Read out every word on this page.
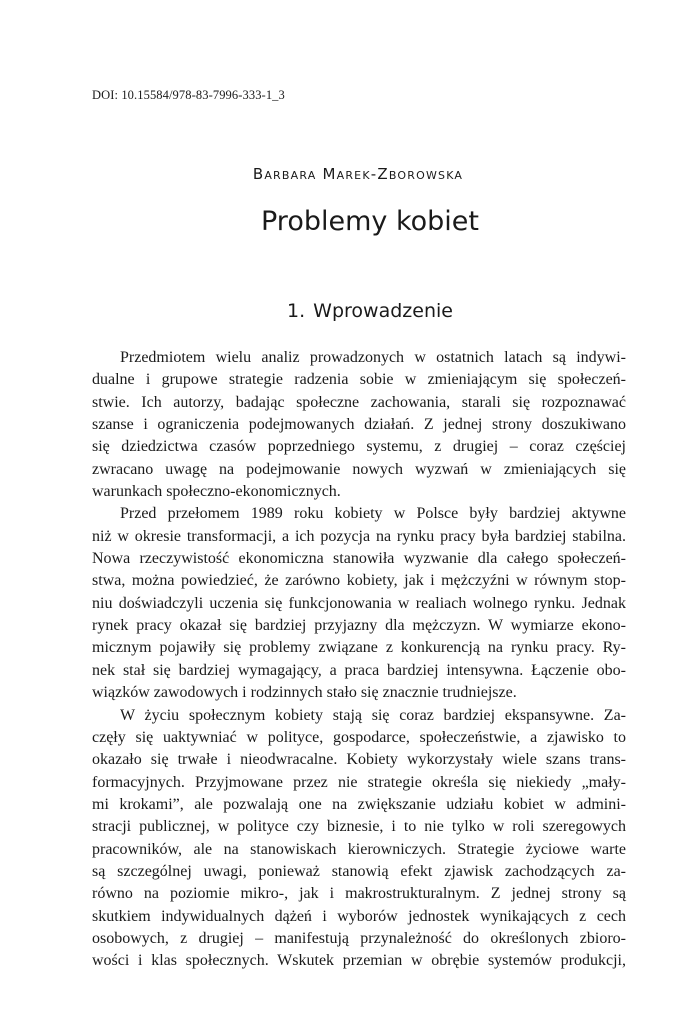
DOI: 10.15584/978-83-7996-333-1_3
Barbara Marek-Zborowska
Problemy kobiet
1. Wprowadzenie
Przedmiotem wielu analiz prowadzonych w ostatnich latach są indywi-
dualne i grupowe strategie radzenia sobie w zmieniającym się społeczeń-
stwie. Ich autorzy, badając społeczne zachowania, starali się rozpoznawać
szanse i ograniczenia podejmowanych działań. Z jednej strony doszukiwano
się dziedzictwa czasów poprzedniego systemu, z drugiej – coraz częściej
zwracano uwagę na podejmowanie nowych wyzwań w zmieniających się
warunkach społeczno-ekonomicznych.
Przed przełomem 1989 roku kobiety w Polsce były bardziej aktywne
niż w okresie transformacji, a ich pozycja na rynku pracy była bardziej stabilna.
Nowa rzeczywistość ekonomiczna stanowiła wyzwanie dla całego społeczeń-
stwa, można powiedzieć, że zarówno kobiety, jak i mężczyźni w równym stop-
niu doświadczyli uczenia się funkcjonowania w realiach wolnego rynku. Jednak
rynek pracy okazał się bardziej przyjazny dla mężczyzn. W wymiarze ekono-
micznym pojawiły się problemy związane z konkurencją na rynku pracy. Ry-
nek stał się bardziej wymagający, a praca bardziej intensywna. Łączenie obo-
wiązków zawodowych i rodzinnych stało się znacznie trudniejsze.
W życiu społecznym kobiety stają się coraz bardziej ekspansywne. Za-
częły się uaktywniać w polityce, gospodarce, społeczeństwie, a zjawisko to
okazało się trwałe i nieodwracalne. Kobiety wykorzystały wiele szans trans-
formacyjnych. Przyjmowane przez nie strategie określa się niekiedy „mały-
mi krokami”, ale pozwalają one na zwiększanie udziału kobiet w admini-
stracji publicznej, w polityce czy biznesie, i to nie tylko w roli szeregowych
pracowników, ale na stanowiskach kierowniczych. Strategie życiowe warte
są szczególnej uwagi, ponieważ stanowią efekt zjawisk zachodzących za-
równo na poziomie mikro-, jak i makrostrukturalnym. Z jednej strony są
skutkiem indywidualnych dążeń i wyborów jednostek wynikających z cech
osobowych, z drugiej – manifestują przynależność do określonych zbioro-
wości i klas społecznych. Wskutek przemian w obrębie systemów produkcji,
